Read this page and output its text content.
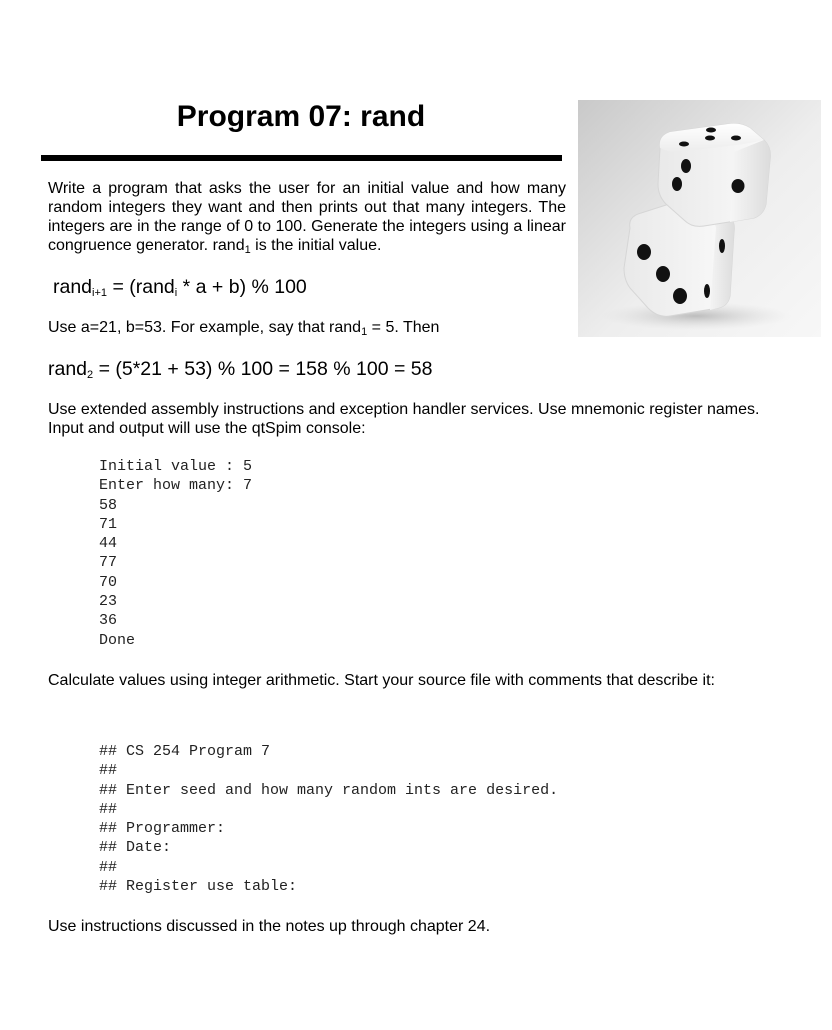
Program 07: rand

Write a program that asks the user for an initial value and how many random integers they want and then prints out that many integers. The integers are in the range of 0 to 100. Generate the integers using a linear congruence generator. rand$_1$ is the initial value.

rand$_{i+1}$ = (rand$_i$ * a + b) % 100

Use a=21, b=53. For example, say that rand$_1$ = 5. Then

rand$_2$ = (5*21 + 53) % 100 = 158 % 100 = 58

Use extended assembly instructions and exception handler services. Use mnemonic register names. Input and output will use the qtSpim console:

Initial value : 5
Enter how many: 7
58
71
44
77
70
23
36
Done

Calculate values using integer arithmetic. Start your source file with comments that describe it:

## CS 254 Program 7
##
## Enter seed and how many random ints are desired.
##
## Programmer:
## Date:
##
## Register use table:

Use instructions discussed in the notes up through chapter 24.
